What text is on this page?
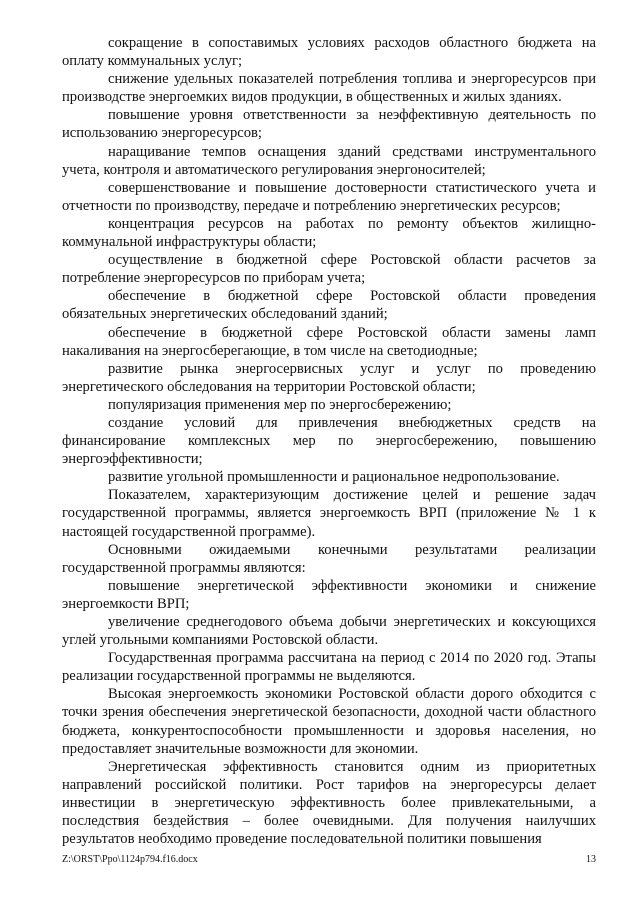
сокращение в сопоставимых условиях расходов областного бюджета на оплату коммунальных услуг;

снижение удельных показателей потребления топлива и энергоресурсов при производстве энергоемких видов продукции, в общественных и жилых зданиях.

повышение уровня ответственности за неэффективную деятельность по использованию энергоресурсов;

наращивание темпов оснащения зданий средствами инструментального учета, контроля и автоматического регулирования энергоносителей;

совершенствование и повышение достоверности статистического учета и отчетности по производству, передаче и потреблению энергетических ресурсов;

концентрация ресурсов на работах по ремонту объектов жилищно-коммунальной инфраструктуры области;

осуществление в бюджетной сфере Ростовской области расчетов за потребление энергоресурсов по приборам учета;

обеспечение в бюджетной сфере Ростовской области проведения обязательных энергетических обследований зданий;

обеспечение в бюджетной сфере Ростовской области замены ламп накаливания на энергосберегающие, в том числе на светодиодные;

развитие рынка энергосервисных услуг и услуг по проведению энергетического обследования на территории Ростовской области;

популяризация применения мер по энергосбережению;

создание условий для привлечения внебюджетных средств на финансирование комплексных мер по энергосбережению, повышению энергоэффективности;

развитие угольной промышленности и рациональное недропользование.

Показателем, характеризующим достижение целей и решение задач государственной программы, является энергоемкость ВРП (приложение № 1 к настоящей государственной программе).

Основными ожидаемыми конечными результатами реализации государственной программы являются:

повышение энергетической эффективности экономики и снижение энергоемкости ВРП;

увеличение среднегодового объема добычи энергетических и коксующихся углей угольными компаниями Ростовской области.

Государственная программа рассчитана на период с 2014 по 2020 год. Этапы реализации государственной программы не выделяются.

Высокая энергоемкость экономики Ростовской области дорого обходится с точки зрения обеспечения энергетической безопасности, доходной части областного бюджета, конкурентоспособности промышленности и здоровья населения, но предоставляет значительные возможности для экономии.

Энергетическая эффективность становится одним из приоритетных направлений российской политики. Рост тарифов на энергоресурсы делает инвестиции в энергетическую эффективность более привлекательными, а последствия бездействия – более очевидными. Для получения наилучших результатов необходимо проведение последовательной политики повышения

Z:\ORST\Ppo\1124p794.f16.docx	13
